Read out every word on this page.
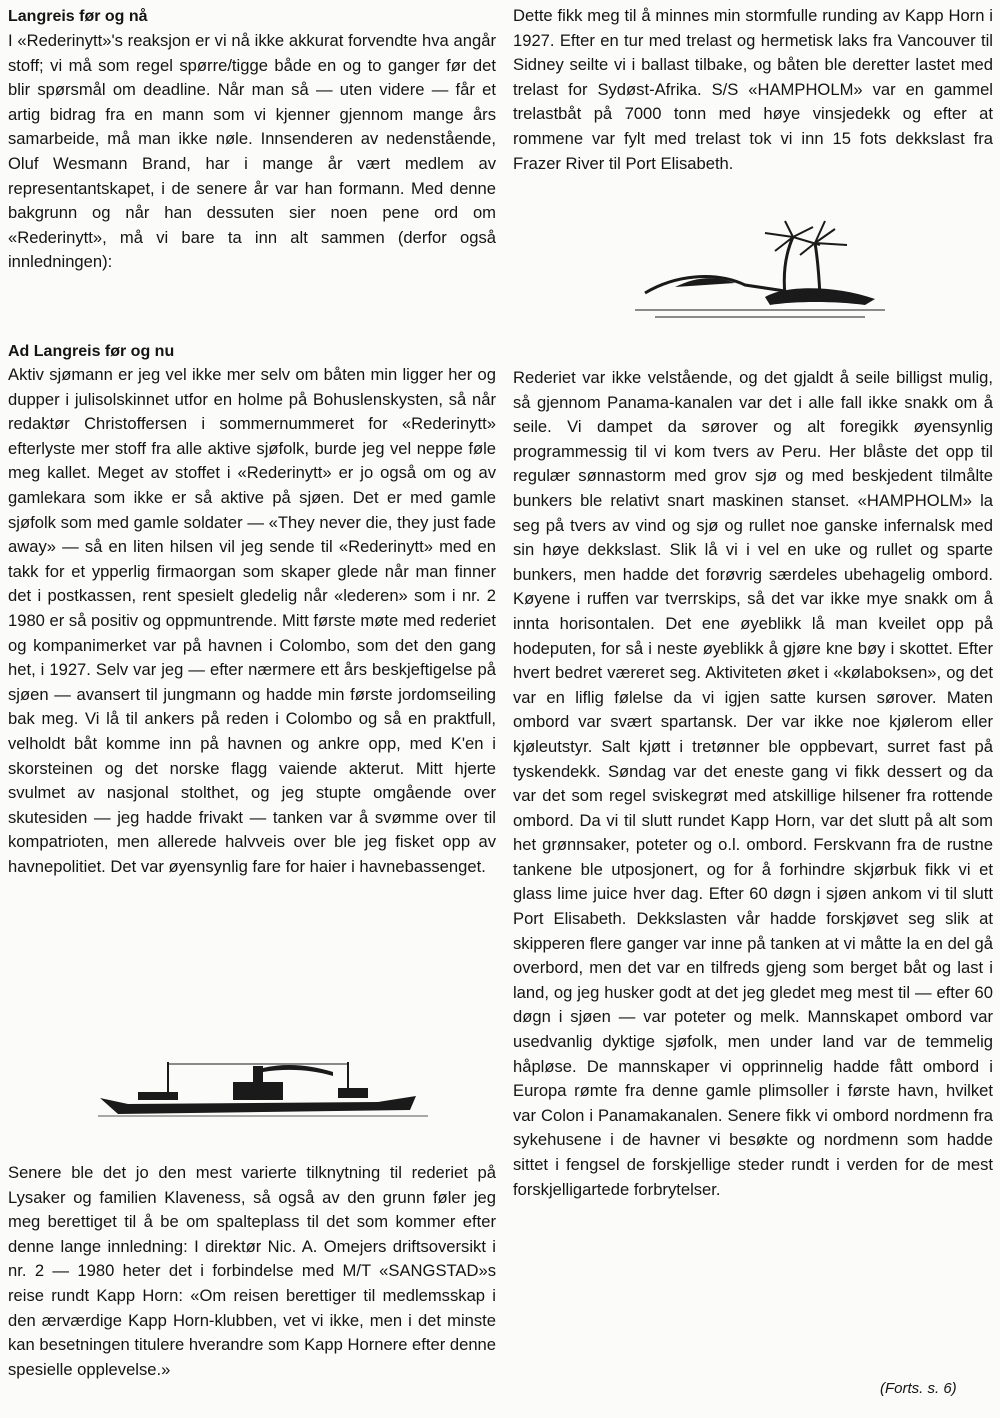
Langreis før og nå

I «Rederinytt»'s reaksjon er vi nå ikke akkurat forvendte hva angår stoff; vi må som regel spørre/tigge både en og to ganger før det blir spørsmål om deadline. Når man så — uten videre — får et artig bidrag fra en mann som vi kjenner gjennom mange års samarbeide, må man ikke nøle. Innsenderen av nedenstående, Oluf Wesmann Brand, har i mange år vært medlem av representantskapet, i de senere år var han formann. Med denne bakgrunn og når han dessuten sier noen pene ord om «Rederinytt», må vi bare ta inn alt sammen (derfor også innledningen):

Ad Langreis før og nu

Aktiv sjømann er jeg vel ikke mer selv om båten min ligger her og dupper i julisolskinnet utfor en holme på Bohuslenskysten, så når redaktør Christoffersen i sommernummeret for «Rederinytt» efterlyste mer stoff fra alle aktive sjøfolk, burde jeg vel neppe føle meg kallet. Meget av stoffet i «Rederinytt» er jo også om og av gamlekara som ikke er så aktive på sjøen. Det er med gamle sjøfolk som med gamle soldater — «They never die, they just fade away» — så en liten hilsen vil jeg sende til «Rederinytt» med en takk for et ypperlig firmaorgan som skaper glede når man finner det i postkassen, rent spesielt gledelig når «lederen» som i nr. 2 1980 er så positiv og oppmuntrende. Mitt første møte med rederiet og kompanimerket var på havnen i Colombo, som det den gang het, i 1927. Selv var jeg — efter nærmere ett års beskjeftigelse på sjøen — avansert til jungmann og hadde min første jordomseiling bak meg. Vi lå til ankers på reden i Colombo og så en praktfull, velholdt båt komme inn på havnen og ankre opp, med K'en i skorsteinen og det norske flagg vaiende akterut. Mitt hjerte svulmet av nasjonal stolthet, og jeg stupte omgående over skutesiden — jeg hadde frivakt — tanken var å svømme over til kompatrioten, men allerede halvveis over ble jeg fisket opp av havnepolitiet. Det var øyensynlig fare for haier i havnebassenget.

Senere ble det jo den mest varierte tilknytning til rederiet på Lysaker og familien Klaveness, så også av den grunn føler jeg meg berettiget til å be om spalteplass til det som kommer efter denne lange innledning: I direktør Nic. A. Omejers driftsoversikt i nr. 2 — 1980 heter det i forbindelse med M/T «SANGSTAD»s reise rundt Kapp Horn: «Om reisen berettiger til medlemsskap i den ærværdige Kapp Horn-klubben, vet vi ikke, men i det minste kan besetningen titulere hverandre som Kapp Hornere efter denne spesielle opplevelse.»

Dette fikk meg til å minnes min stormfulle runding av Kapp Horn i 1927. Efter en tur med trelast og hermetisk laks fra Vancouver til Sidney seilte vi i ballast tilbake, og båten ble deretter lastet med trelast for Sydøst-Afrika. S/S «HAMPHOLM» var en gammel trelastbåt på 7000 tonn med høye vinsjedekk og efter at rommene var fylt med trelast tok vi inn 15 fots dekkslast fra Frazer River til Port Elisabeth.

Rederiet var ikke velstående, og det gjaldt å seile billigst mulig, så gjennom Panama-kanalen var det i alle fall ikke snakk om å seile. Vi dampet da sørover og alt foregikk øyensynlig programmessig til vi kom tvers av Peru. Her blåste det opp til regulær sønnastorm med grov sjø og med beskjedent tilmålte bunkers ble relativt snart maskinen stanset. «HAMPHOLM» la seg på tvers av vind og sjø og rullet noe ganske infernalsk med sin høye dekkslast. Slik lå vi i vel en uke og rullet og sparte bunkers, men hadde det forøvrig særdeles ubehagelig ombord. Køyene i ruffen var tverrskips, så det var ikke mye snakk om å innta horisontalen. Det ene øyeblikk lå man kveilet opp på hodeputen, for så i neste øyeblikk å gjøre kne bøy i skottet. Efter hvert bedret væreret seg. Aktiviteten øket i «kølaboksen», og det var en liflig følelse da vi igjen satte kursen sørover. Maten ombord var svært spartansk. Der var ikke noe kjølerom eller kjøleutstyr. Salt kjøtt i tretønner ble oppbevart, surret fast på tyskendekk. Søndag var det eneste gang vi fikk dessert og da var det som regel sviskegrøt med atskillige hilsener fra rottende ombord. Da vi til slutt rundet Kapp Horn, var det slutt på alt som het grønnsaker, poteter og o.l. ombord. Ferskvann fra de rustne tankene ble utposjonert, og for å forhindre skjørbuk fikk vi et glass lime juice hver dag. Efter 60 døgn i sjøen ankom vi til slutt Port Elisabeth. Dekkslasten vår hadde forskjøvet seg slik at skipperen flere ganger var inne på tanken at vi måtte la en del gå overbord, men det var en tilfreds gjeng som berget båt og last i land, og jeg husker godt at det jeg gledet meg mest til — efter 60 døgn i sjøen — var poteter og melk. Mannskapet ombord var usedvanlig dyktige sjøfolk, men under land var de temmelig håpløse. De mannskaper vi opprinnelig hadde fått ombord i Europa rømte fra denne gamle plimsoller i første havn, hvilket var Colon i Panamakanalen. Senere fikk vi ombord nordmenn fra sykehusene i de havner vi besøkte og nordmenn som hadde sittet i fengsel de forskjellige steder rundt i verden for de mest forskjelligartede forbrytelser.

(Forts. s. 6)
